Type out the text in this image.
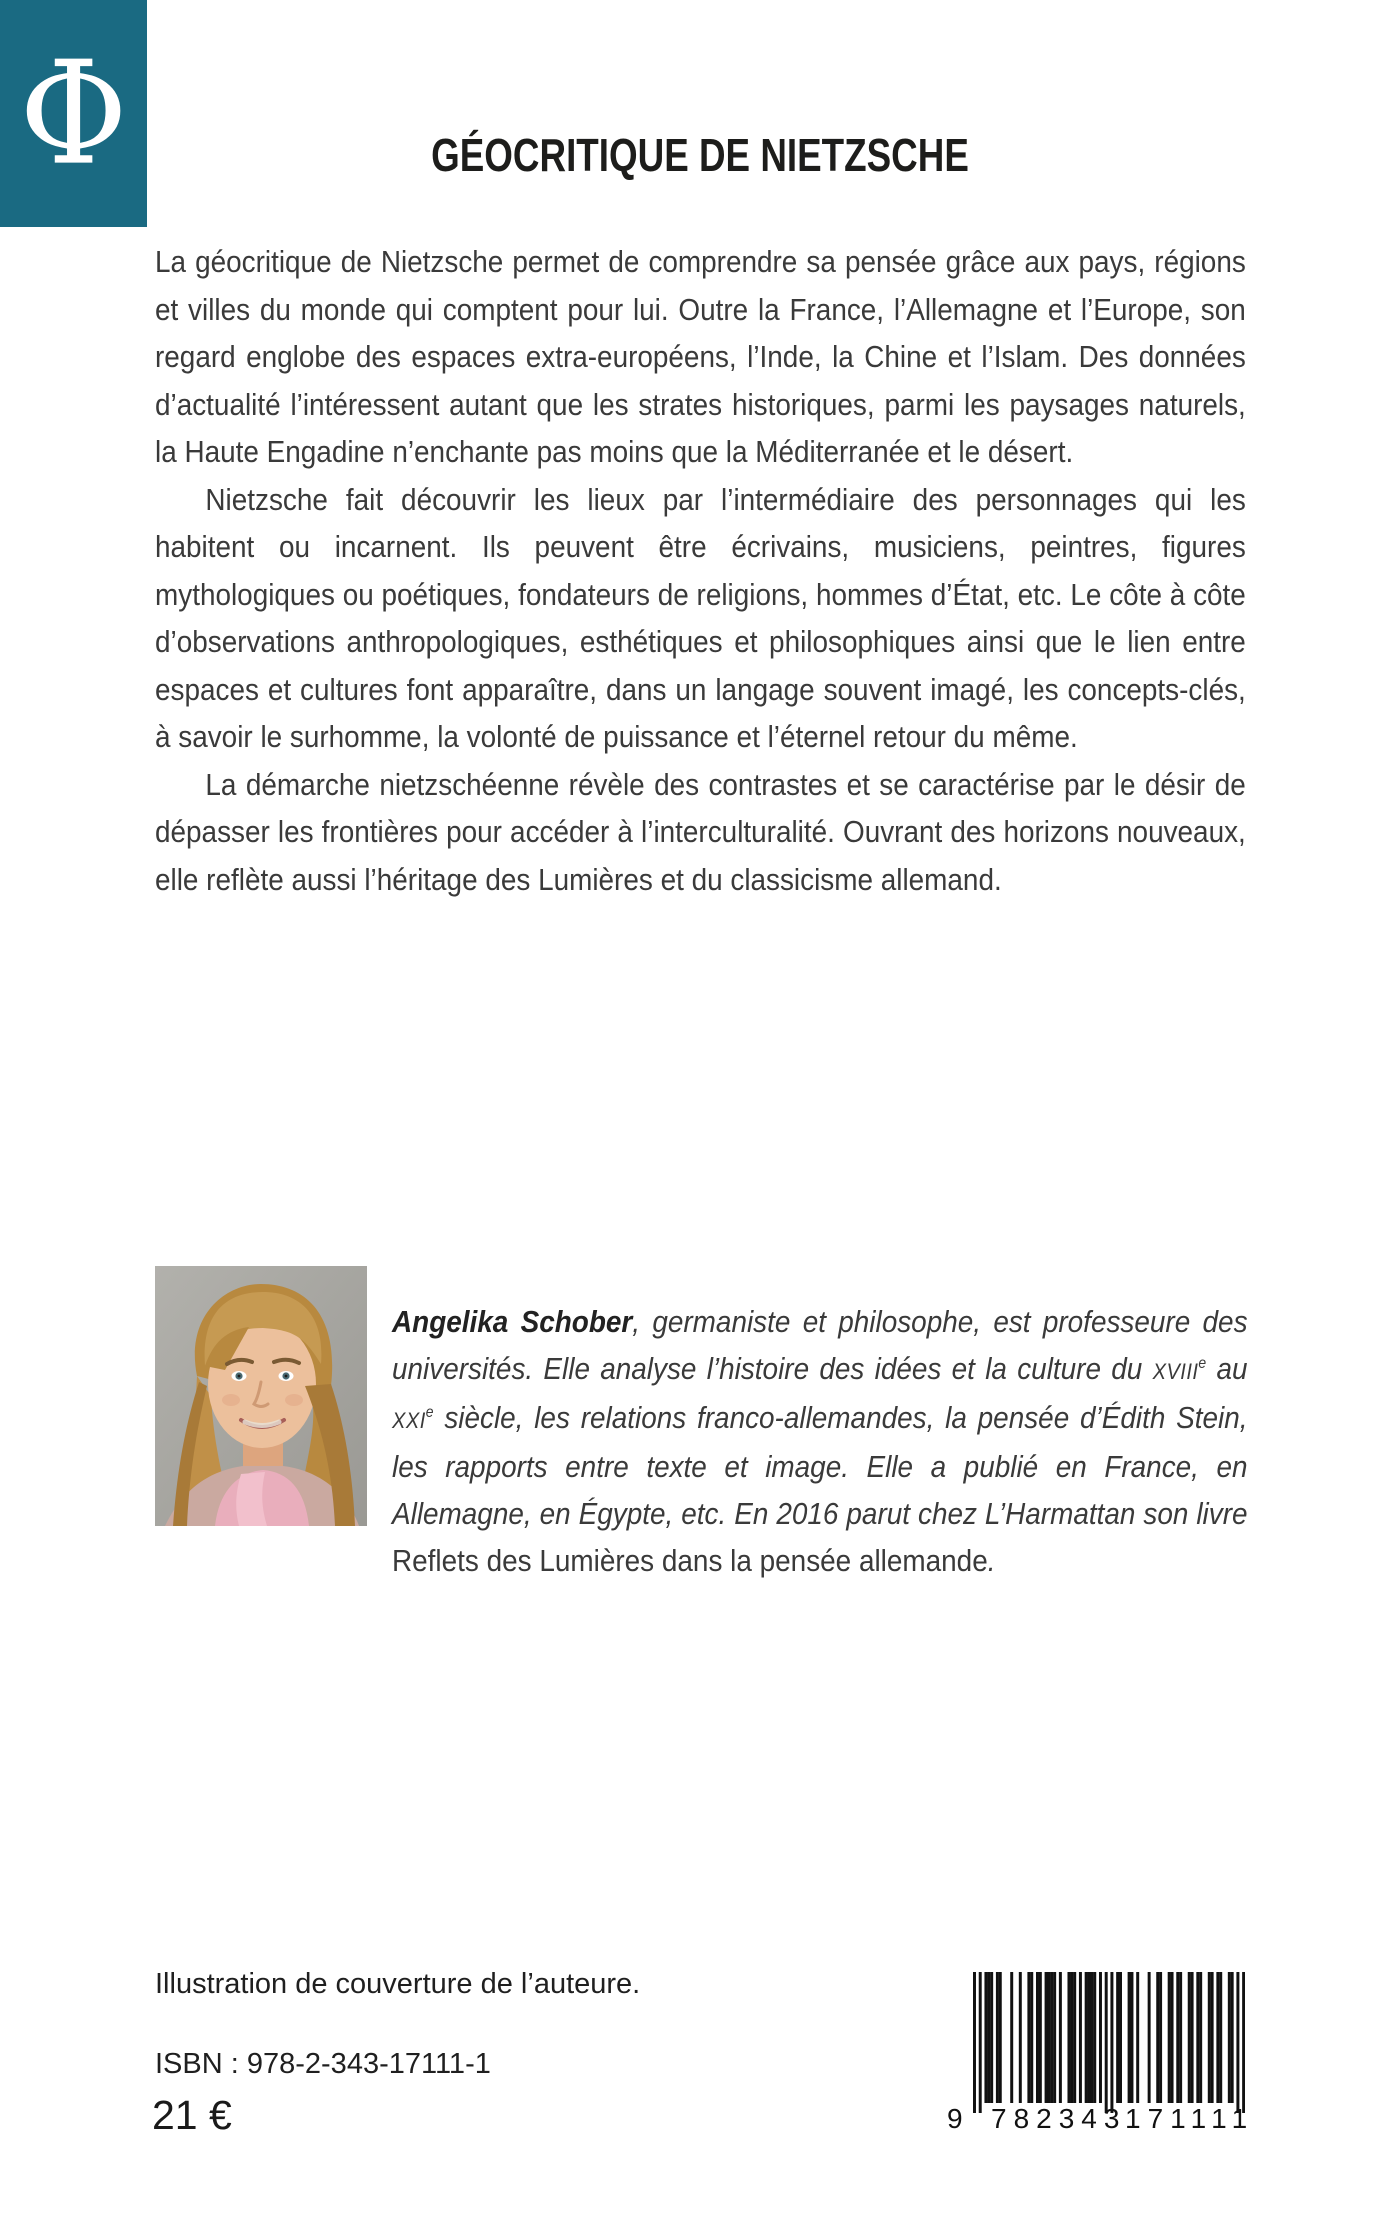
Φ	GÉOCRITIQUE DE NIETZSCHE

La géocritique de Nietzsche permet de comprendre sa pensée grâce aux pays, régions et villes du monde qui comptent pour lui. Outre la France, l’Allemagne et l’Europe, son regard englobe des espaces extra-européens, l’Inde, la Chine et l’Islam. Des données d’actualité l’intéressent autant que les strates historiques, parmi les paysages naturels, la Haute Engadine n’enchante pas moins que la Méditerranée et le désert.

Nietzsche fait découvrir les lieux par l’intermédiaire des personnages qui les habitent ou incarnent. Ils peuvent être écrivains, musiciens, peintres, figures mythologiques ou poétiques, fondateurs de religions, hommes d’État, etc. Le côte à côte d’observations anthropologiques, esthétiques et philosophiques ainsi que le lien entre espaces et cultures font apparaître, dans un langage souvent imagé, les concepts-clés, à savoir le surhomme, la volonté de puissance et l’éternel retour du même.

La démarche nietzschéenne révèle des contrastes et se caractérise par le désir de dépasser les frontières pour accéder à l’interculturalité. Ouvrant des horizons nouveaux, elle reflète aussi l’héritage des Lumières et du classicisme allemand.

Angelika Schober, germaniste et philosophe, est professeure des universités. Elle analyse l’histoire des idées et la culture du XVIIIe au XXIe siècle, les relations franco-allemandes, la pensée d’Édith Stein, les rapports entre texte et image. Elle a publié en France, en Allemagne, en Égypte, etc. En 2016 parut chez L’Harmattan son livre Reflets des Lumières dans la pensée allemande.

Illustration de couverture de l’auteure.
ISBN : 978-2-343-17111-1
21 €	9 782343
171111
